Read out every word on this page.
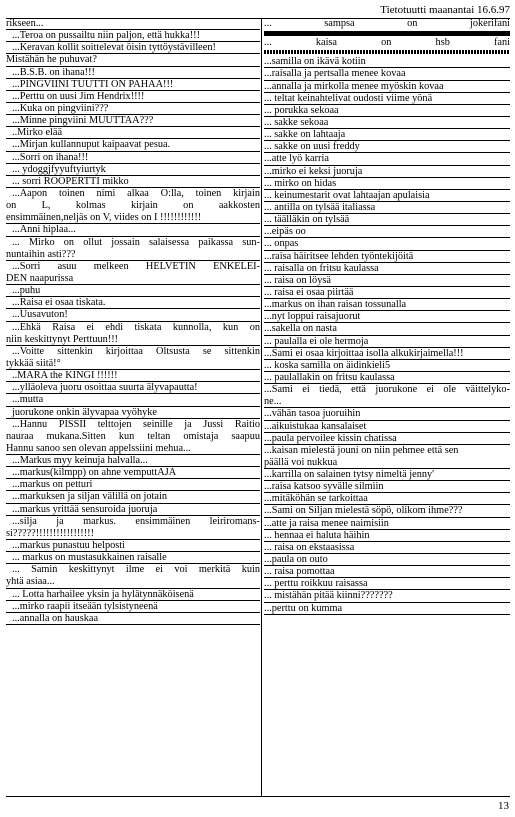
Tietotuutti maanantai 16.6.97
rikseen...
...Teroa on pussailtu niin paljon, että hukka!!!
...Keravan kollit soittelevat öisin tyttöystävilleen!
Mistähän he puhuvat?
...B.S.B. on ihana!!!
...PINGVIINI TUUTTI ON PAHAA!!!
...Perttu on uusi Jim Hendrix!!!!
...Kuka on pingviini???
...Minne pingviini MUUTTAA???
..Mirko elää
...Mirjan kullannuput kaipaavat pesua.
...Sorri on ihana!!!
... ydoggjfyyuftyiurtyk
... sorri ROOPERTTI mikko
...Aapon toinen nimi alkaa O:lla, toinen kirjain
on L, kolmas kirjain on aakkosten
ensimmäinen,neljäs on V, viides on I !!!!!!!!!!!!
...Anni hiplaa...
... Mirko on ollut jossain salaisessa paikassa sun-
nuntaihin asti???
...Sorri asuu melkeen HELVETIN ENKELEI-
DEN naapurissa
...puhu
...Raisa ei osaa tiskata.
...Uusavuton!
...Ehkä Raisa ei ehdi tiskata kunnolla, kun on
niin keskittynyt Perttuun!!!
...Voitte sittenkin kirjoittaa Oltsusta se sittenkin
tykkää siitä!°
..MARA the KINGI !!!!!!
...ylläoleva juoru osoittaa suurta älyvapautta!
...mutta
juorukone onkin älyvapaa vyöhyke
...Hannu PISSII telttojen seinille ja Jussi Raitio
nauraa mukana.Sitten kun teltan omistaja saapuu
Hannu sanoo sen olevan appelssiini mehua...
...Markus myy keinuja halvalla...
...markus(kilmpp) on ahne vemputtAJA
...markus on petturi
...markuksen ja siljan välillä on jotain
...markus yrittää sensuroida juoruja
...silja ja markus. ensimmäinen leiriromans-
si?????!!!!!!!!!!!!!!!!!
...markus punastuu helposti
... markus on mustasukkainen raisalle
... Samin keskittynyt ilme ei voi merkitä kuin
yhtä asiaa...
... Lotta harhailee yksin ja hylätynnäköisenä
...mirko raapii itseään tylsistyneenä
...annalla on hauskaa
... sampsa on jokerifani
... kaisa on hsb fani
...samilla on ikävä kotiin
...raisalla ja pertsalla menee kovaa
...annalla ja mirkolla menee myöskin kovaa
... teltat keinahtelivat oudosti viime yönä
... porukka sekoaa
... sakke sekoaa
... sakke on lahtaaja
... sakke on uusi freddy
...atte lyö karria
...mirko ei keksi juoruja
... mirko on hidas
... keinumestarit ovat lahtaajan apulaisia
... antilla on tylsää italiassa
... täälläkin on tylsää
...eipäs oo
... onpas
...raisa häiritsee lehden työntekijöitä
... raisalla on fritsu kaulassa
... raisa on löysä
... raisa ei osaa piirtää
...markus on ihan raisan tossunalla
...nyt loppui raisajuorut
...sakella on nasta
... paulalla ei ole hermoja
...Sami ei osaa kirjoittaa isolla alkukirjaimella!!!
... koska samilla on äidinkieli5
... paulallakin on fritsu kaulassa
...Sami ei tiedä, että juorukone ei ole väittelyko-
ne...
...vähän tasoa juoruihin
...aikuistukaa kansalaiset
...paula pervoilee kissin chatissa
...kaisan mielestä jouni on niin pehmee että sen
päällä voi nukkua
...karrilla on salainen tytsy nimeltä jenny'
...raisa katsoo syvälle silmiin
...mitäköhän se tarkoittaa
...Sami on Siljan mielestä söpö, olikom ihme???
...atte ja raisa menee naimisiin
... hennaa ei haluta häihin
... raisa on ekstaasissa
...paula on outo
... raisa pomottaa
... perttu roikkuu raisassa
... mistähän pitää kiinni???????
...perttu on kumma
13
